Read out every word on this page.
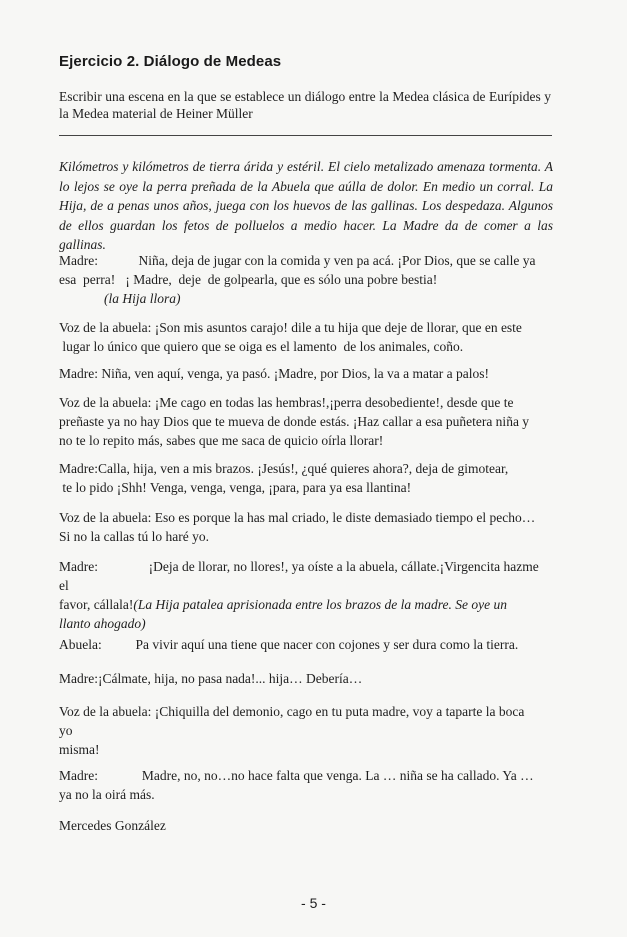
Ejercicio 2. Diálogo de Medeas

Escribir una escena en la que se establece un diálogo entre la Medea clásica de Eurípides y la Medea material de Heiner Müller

Kilómetros y kilómetros de tierra árida y estéril. El cielo metalizado amenaza tormenta. A lo lejos se oye la perra preñada de la Abuela que aúlla de dolor. En medio un corral. La Hija, de a penas unos años, juega con los huevos de las gallinas. Los despedaza. Algunos de ellos guardan los fetos de polluelos a medio hacer. La Madre da de comer a las gallinas.

Madre:            Niña, deja de jugar con la comida y ven pa acá. ¡Por Dios, que se calle ya
esa  perra!   ¡ Madre,  deje  de golpearla, que es sólo una pobre bestia!
(la Hija llora)
Voz de la abuela: ¡Son mis asuntos carajo! dile a tu hija que deje de llorar, que en este
lugar lo único que quiero que se oiga es el lamento  de los animales, coño.
Madre: Niña, ven aquí, venga, ya pasó. ¡Madre, por Dios, la va a matar a palos!
Voz de la abuela: ¡Me cago en todas las hembras!,¡perra desobediente!, desde que te
preñaste ya no hay Dios que te mueva de donde estás. ¡Haz callar a esa puñetera niña y
no te lo repito más, sabes que me saca de quicio oírla llorar!
Madre:Calla, hija, ven a mis brazos. ¡Jesús!, ¿qué quieres ahora?, deja de gimotear,
te lo pido ¡Shh! Venga, venga, venga, ¡para, para ya esa llantina!
Voz de la abuela: Eso es porque la has mal criado, le diste demasiado tiempo el pecho…
Si no la callas tú lo haré yo.
Madre:               ¡Deja de llorar, no llores!, ya oíste a la abuela, cállate.¡Virgencita hazme
el
favor, cállala!(La Hija patalea aprisionada entre los brazos de la madre. Se oye un
llanto ahogado)
Abuela:          Pa vivir aquí una tiene que nacer con cojones y ser dura como la tierra.
Madre:¡Cálmate, hija, no pasa nada!... hija… Debería…
Voz de la abuela: ¡Chiquilla del demonio, cago en tu puta madre, voy a taparte la boca
yo
misma!
Madre:             Madre, no, no…no hace falta que venga. La … niña se ha callado. Ya …
ya no la oirá más.
Mercedes González

- 5 -
